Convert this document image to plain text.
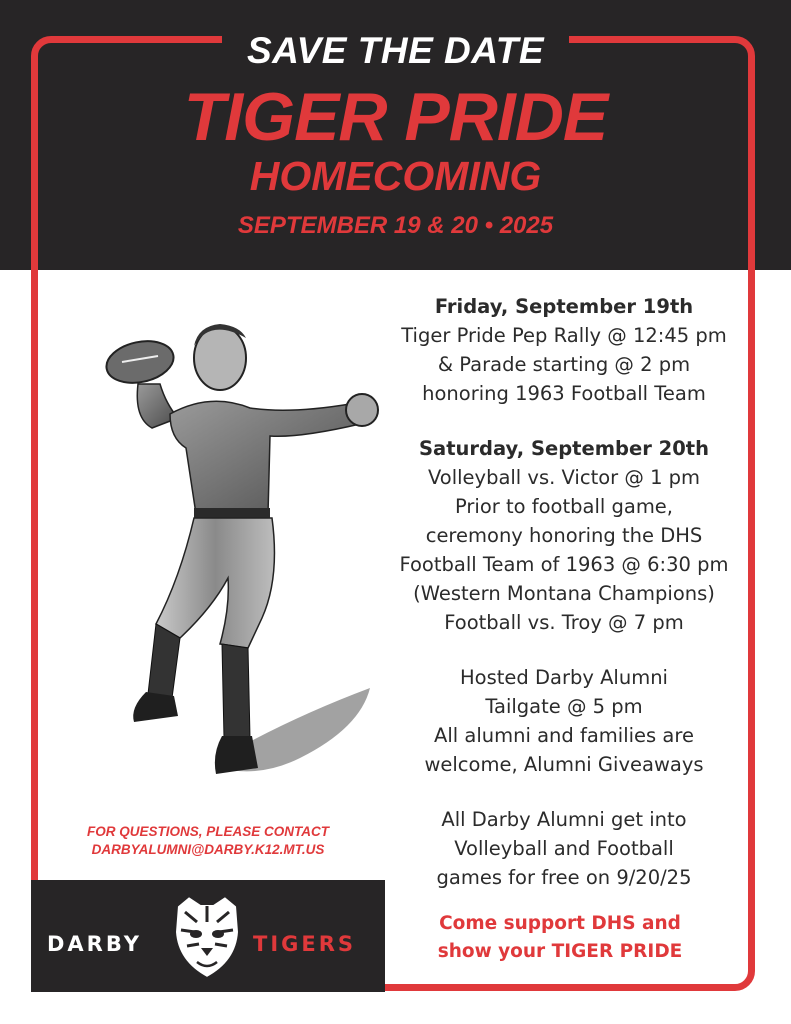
SAVE THE DATE
TIGER PRIDE
HOMECOMING
SEPTEMBER 19 & 20 • 2025
Friday, September 19th
Tiger Pride Pep Rally @ 12:45 pm
& Parade starting @ 2 pm
honoring 1963 Football Team
Saturday, September 20th
Volleyball vs. Victor @ 1 pm
Prior to football game,
ceremony honoring the DHS
Football Team of 1963 @ 6:30 pm
(Western Montana Champions)
Football vs. Troy @ 7 pm
Hosted Darby Alumni
Tailgate @ 5 pm
All alumni and families are
welcome, Alumni Giveaways
All Darby Alumni get into
Volleyball and Football
games for free on 9/20/25
Come support DHS and
show your TIGER PRIDE
FOR QUESTIONS, PLEASE CONTACT
DARBYALUMNI@DARBY.K12.MT.US
DARBY	TIGERS
